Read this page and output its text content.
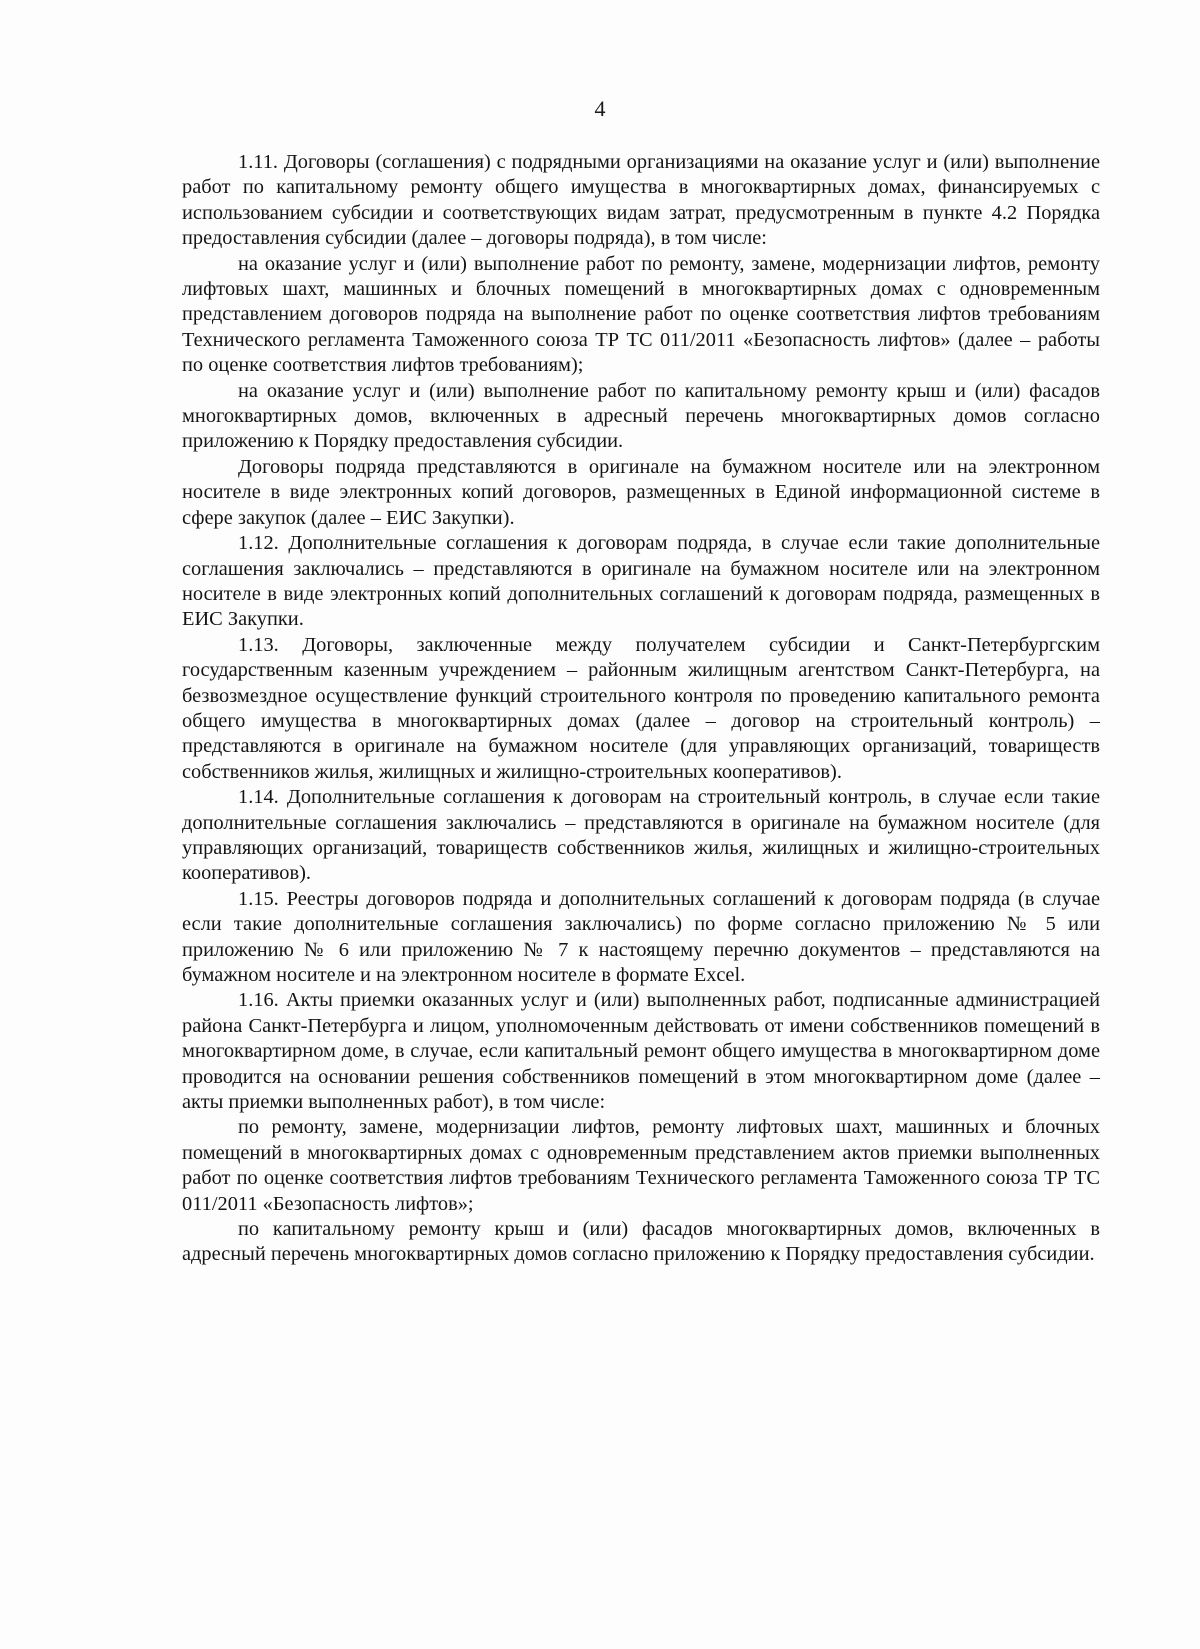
4

1.11. Договоры (соглашения) с подрядными организациями на оказание услуг и (или) выполнение работ по капитальному ремонту общего имущества в многоквартирных домах, финансируемых с использованием субсидии и соответствующих видам затрат, предусмотренным в пункте 4.2 Порядка предоставления субсидии (далее – договоры подряда), в том числе:

на оказание услуг и (или) выполнение работ по ремонту, замене, модернизации лифтов, ремонту лифтовых шахт, машинных и блочных помещений в многоквартирных домах с одновременным представлением договоров подряда на выполнение работ по оценке соответствия лифтов требованиям Технического регламента Таможенного союза ТР ТС 011/2011 «Безопасность лифтов» (далее – работы по оценке соответствия лифтов требованиям);

на оказание услуг и (или) выполнение работ по капитальному ремонту крыш и (или) фасадов многоквартирных домов, включенных в адресный перечень многоквартирных домов согласно приложению к Порядку предоставления субсидии.

Договоры подряда представляются в оригинале на бумажном носителе или на электронном носителе в виде электронных копий договоров, размещенных в Единой информационной системе в сфере закупок (далее – ЕИС Закупки).

1.12. Дополнительные соглашения к договорам подряда, в случае если такие дополнительные соглашения заключались – представляются в оригинале на бумажном носителе или на электронном носителе в виде электронных копий дополнительных соглашений к договорам подряда, размещенных в ЕИС Закупки.

1.13. Договоры, заключенные между получателем субсидии и Санкт-Петербургским государственным казенным учреждением – районным жилищным агентством Санкт-Петербурга, на безвозмездное осуществление функций строительного контроля по проведению капитального ремонта общего имущества в многоквартирных домах (далее – договор на строительный контроль) – представляются в оригинале на бумажном носителе (для управляющих организаций, товариществ собственников жилья, жилищных и жилищно-строительных кооперативов).

1.14. Дополнительные соглашения к договорам на строительный контроль, в случае если такие дополнительные соглашения заключались – представляются в оригинале на бумажном носителе (для управляющих организаций, товариществ собственников жилья, жилищных и жилищно-строительных кооперативов).

1.15. Реестры договоров подряда и дополнительных соглашений к договорам подряда (в случае если такие дополнительные соглашения заключались) по форме согласно приложению № 5 или приложению № 6 или приложению № 7 к настоящему перечню документов – представляются на бумажном носителе и на электронном носителе в формате Excel.

1.16. Акты приемки оказанных услуг и (или) выполненных работ, подписанные администрацией района Санкт-Петербурга и лицом, уполномоченным действовать от имени собственников помещений в многоквартирном доме, в случае, если капитальный ремонт общего имущества в многоквартирном доме проводится на основании решения собственников помещений в этом многоквартирном доме (далее – акты приемки выполненных работ), в том числе:

по ремонту, замене, модернизации лифтов, ремонту лифтовых шахт, машинных и блочных помещений в многоквартирных домах с одновременным представлением актов приемки выполненных работ по оценке соответствия лифтов требованиям Технического регламента Таможенного союза ТР ТС 011/2011 «Безопасность лифтов»;

по капитальному ремонту крыш и (или) фасадов многоквартирных домов, включенных в адресный перечень многоквартирных домов согласно приложению к Порядку предоставления субсидии.
